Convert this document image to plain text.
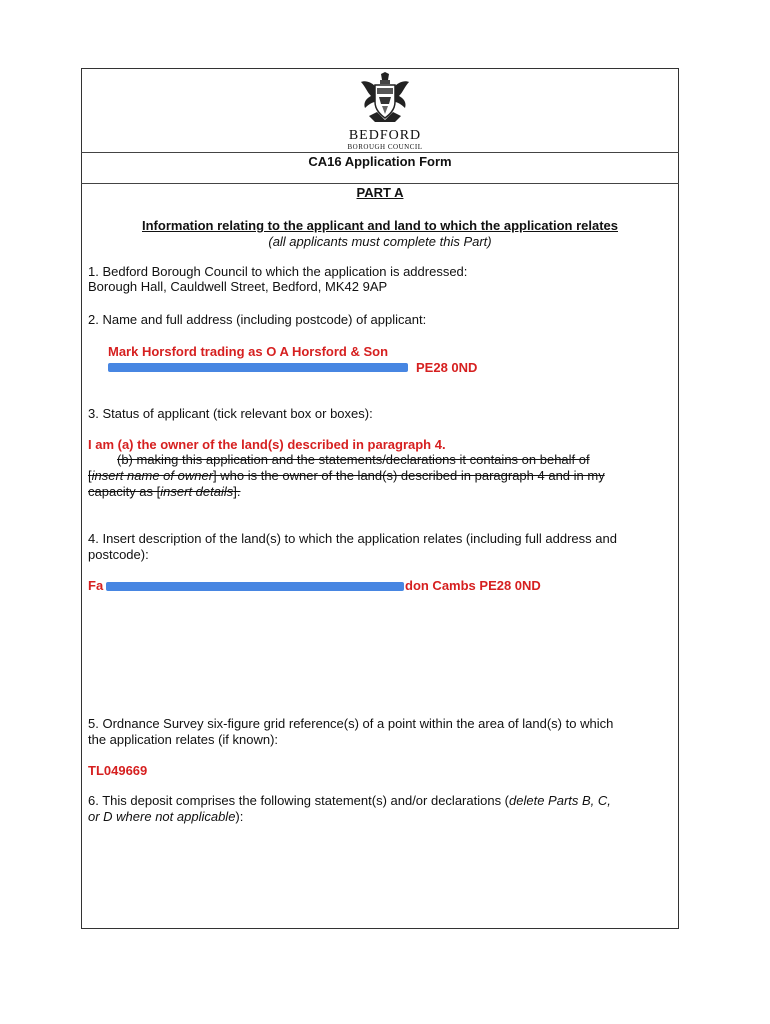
BEDFORD
BOROUGH COUNCIL
CA16 Application Form
PART A
Information relating to the applicant and land to which the application relates
(all applicants must complete this Part)
1. Bedford Borough Council to which the application is addressed:
Borough Hall, Cauldwell Street, Bedford, MK42 9AP
2. Name and full address (including postcode) of applicant:
Mark Horsford trading as O A Horsford & Son
PE28 0ND
3. Status of applicant (tick relevant box or boxes):
I am (a) the owner of the land(s) described in paragraph 4.
(b) making this application and the statements/declarations it contains on behalf of
[insert name of owner] who is the owner of the land(s) described in paragraph 4 and in my
capacity as [insert details].
4. Insert description of the land(s) to which the application relates (including full address and
postcode):
Fa	don Cambs PE28 0ND
5. Ordnance Survey six-figure grid reference(s) of a point within the area of land(s) to which
the application relates (if known):
TL049669
6. This deposit comprises the following statement(s) and/or declarations (delete Parts B, C,
or D where not applicable):
